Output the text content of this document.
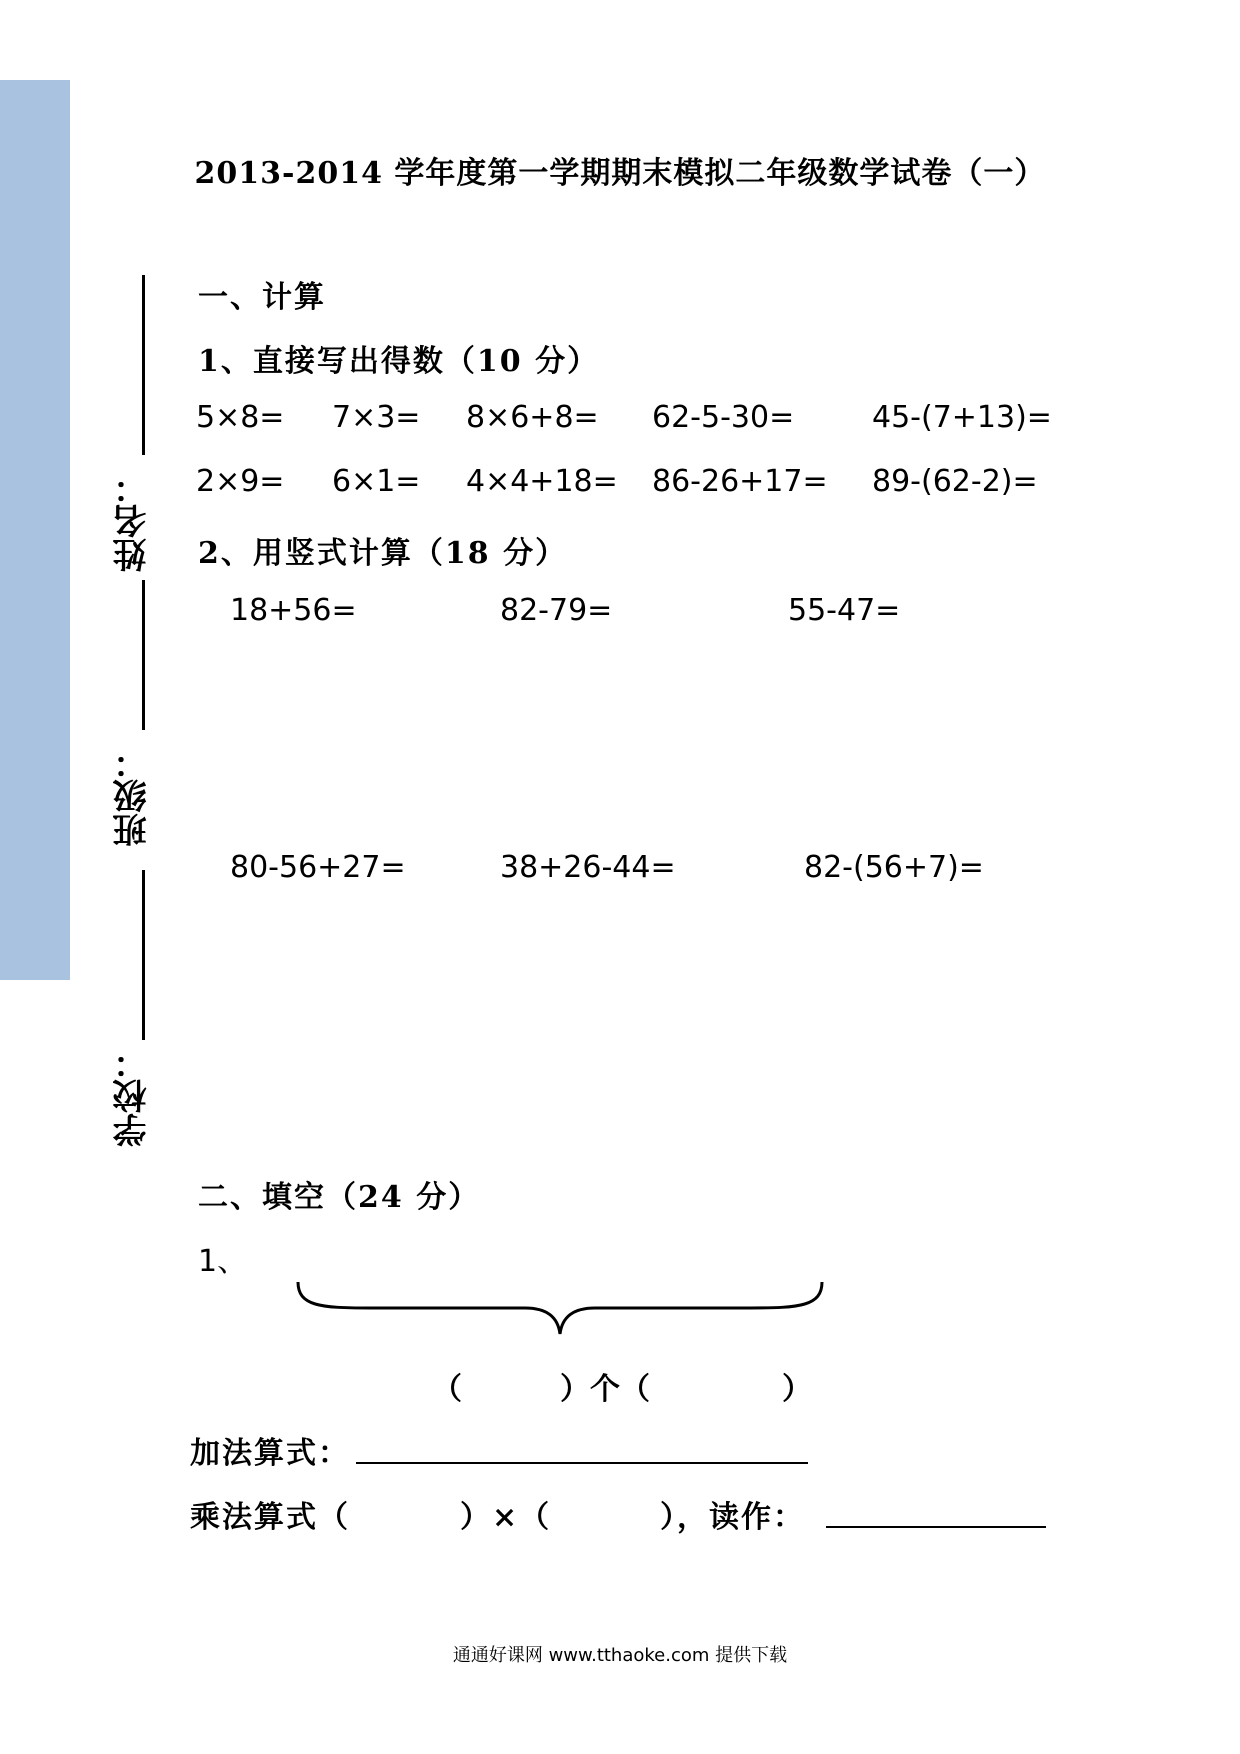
2013-2014 学年度第一学期期末模拟二年级数学试卷（一）
姓名：
班级：
学校：
一、计算
1、直接写出得数（10 分）
5×8= 7×3= 8×6+8= 62-5-30=	45-(7+13)=
2×9= 6×1= 4×4+18= 86-26+17= 89-(62-2)=
2、用竖式计算（18 分）
18+56=	82-79=	55-47=
80-56+27=	38+26-44=	82-(56+7)=
二、填空（24 分）
1、
（	）个（	）
加法算式：
乘法算式（	）×（	），读作：
通通好课网 www.tthaoke.com 提供下载
